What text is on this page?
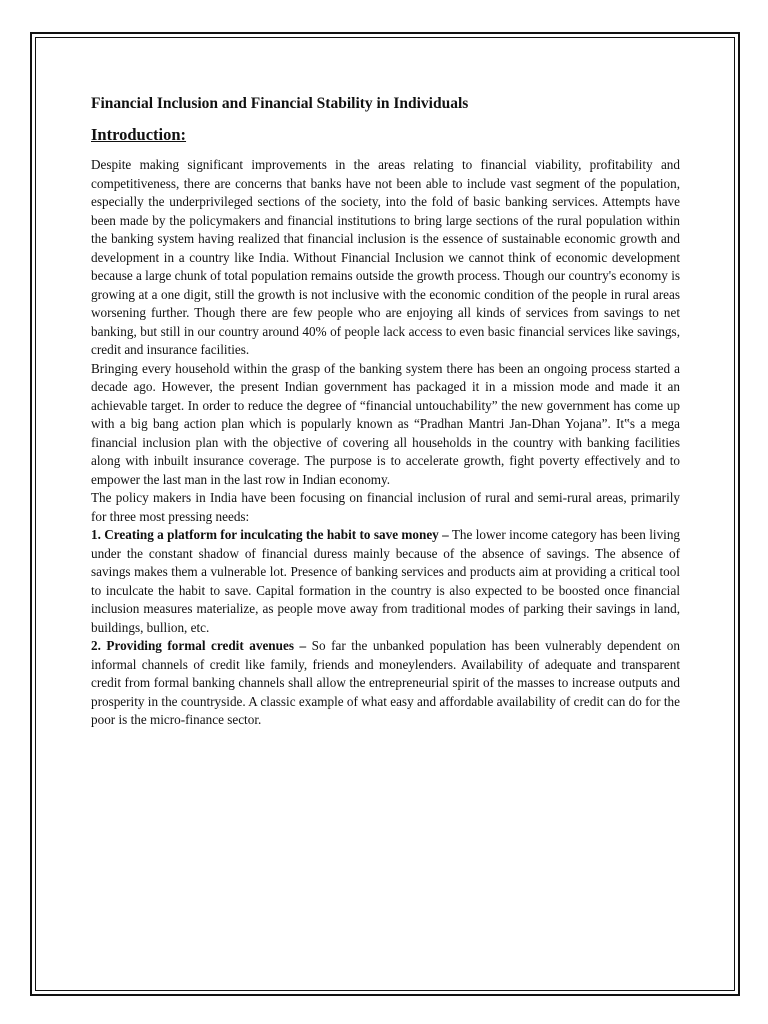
Financial Inclusion and Financial Stability in Individuals
Introduction:

Despite making significant improvements in the areas relating to financial viability, profitability and competitiveness, there are concerns that banks have not been able to include vast segment of the population, especially the underprivileged sections of the society, into the fold of basic banking services. Attempts have been made by the policymakers and financial institutions to bring large sections of the rural population within the banking system having realized that financial inclusion is the essence of sustainable economic growth and development in a country like India. Without Financial Inclusion we cannot think of economic development because a large chunk of total population remains outside the growth process. Though our country's economy is growing at a one digit, still the growth is not inclusive with the economic condition of the people in rural areas worsening further. Though there are few people who are enjoying all kinds of services from savings to net banking, but still in our country around 40% of people lack access to even basic financial services like savings, credit and insurance facilities.

Bringing every household within the grasp of the banking system there has been an ongoing process started a decade ago. However, the present Indian government has packaged it in a mission mode and made it an achievable target. In order to reduce the degree of “financial untouchability” the new government has come up with a big bang action plan which is popularly known as “Pradhan Mantri Jan-Dhan Yojana”. It‟s a mega financial inclusion plan with the objective of covering all households in the country with banking facilities along with inbuilt insurance coverage. The purpose is to accelerate growth, fight poverty effectively and to empower the last man in the last row in Indian economy.

The policy makers in India have been focusing on financial inclusion of rural and semi-rural areas, primarily for three most pressing needs:

1. Creating a platform for inculcating the habit to save money – The lower income category has been living under the constant shadow of financial duress mainly because of the absence of savings. The absence of savings makes them a vulnerable lot. Presence of banking services and products aim at providing a critical tool to inculcate the habit to save. Capital formation in the country is also expected to be boosted once financial inclusion measures materialize, as people move away from traditional modes of parking their savings in land, buildings, bullion, etc.

2. Providing formal credit avenues – So far the unbanked population has been vulnerably dependent on informal channels of credit like family, friends and moneylenders. Availability of adequate and transparent credit from formal banking channels shall allow the entrepreneurial spirit of the masses to increase outputs and prosperity in the countryside. A classic example of what easy and affordable availability of credit can do for the poor is the micro-finance sector.
